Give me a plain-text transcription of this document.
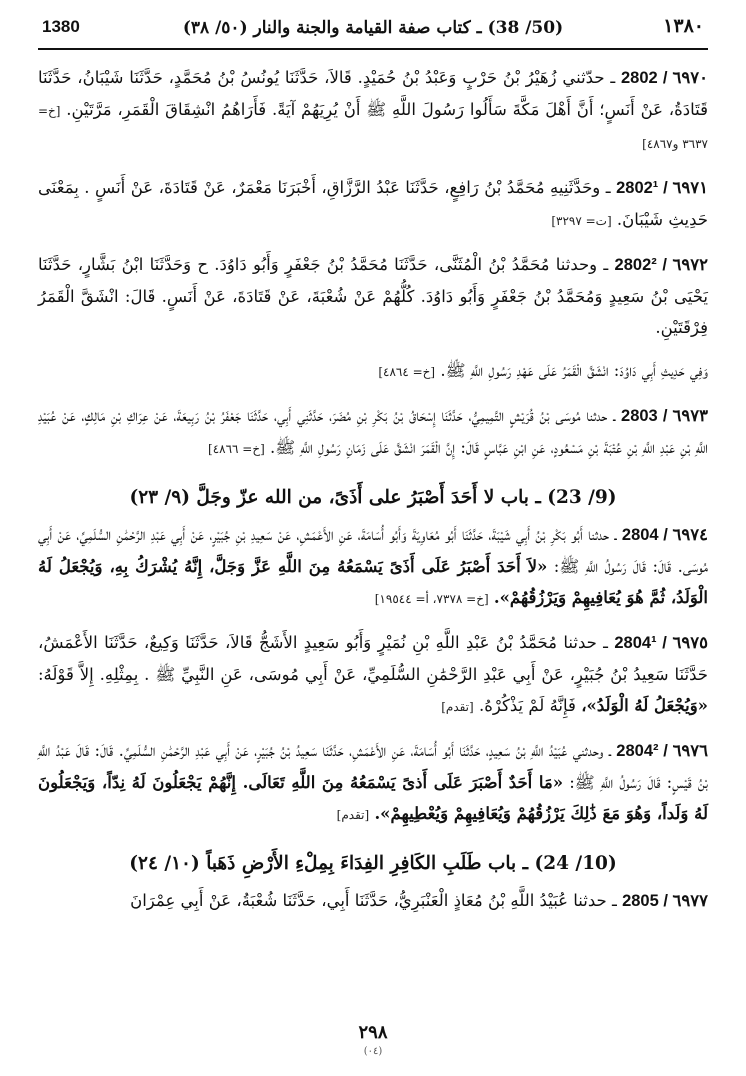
1380	(50/ 38) ـ كتاب صفة القيامة والجنة والنار (٥٠/ ٣٨)	١٣٨٠

٦٩٧٠ / 2802 ـ حدّثني زُهَيْرُ بْنُ حَرْبٍ وَعَبْدُ بْنُ حُمَيْدٍ. قَالاَ، حَدَّثَنَا يُونُسُ بْنُ مُحَمَّدٍ، حَدَّثَنَا شَيْبَانُ، حَدَّثَنَا قَتَادَةُ، عَنْ أَنَسٍ؛ أَنَّ أَهْلَ مَكَّةَ سَأَلُوا رَسُولَ اللَّهِ ﷺ أَنْ يُرِيَهُمْ آيَةً. فَأَرَاهُمُ انْشِقَاقَ الْقَمَرِ، مَرَّتَيْنِ. [خ= ٣٦٣٧ و٤٨٦٧]

٦٩٧١ / 2802¹ ـ وحَدَّثَنِيهِ مُحَمَّدُ بْنُ رَافِعٍ، حَدَّثَنَا عَبْدُ الرَّزَّاقِ، أَخْبَرَنَا مَعْمَرٌ، عَنْ قَتَادَةَ، عَنْ أَنَسٍ . بِمَعْنَى حَدِيثِ شَيْبَانَ. [ت= ٣٢٩٧]

٦٩٧٢ / 2802² ـ وحدثنا مُحَمَّدُ بْنُ الْمُثَنَّى، حَدَّثَنَا مُحَمَّدُ بْنُ جَعْفَرٍ وَأَبُو دَاوُدَ. ح وَحَدَّثَنَا ابْنُ بَشَّارٍ، حَدَّثَنَا يَحْيَى بْنُ سَعِيدٍ وَمُحَمَّدُ بْنُ جَعْفَرٍ وَأَبُو دَاوُدَ. كُلُّهُمْ عَنْ شُعْبَةَ، عَنْ قَتَادَةَ، عَنْ أَنَسٍ. قَالَ: انْشَقَّ الْقَمَرُ فِرْقَتَيْنِ.

وَفِي حَدِيثِ أَبِي دَاوُدَ: انْشَقَّ الْقَمَرُ عَلَى عَهْدِ رَسُولِ اللَّهِ ﷺ. [خ= ٤٨٦٤]

٦٩٧٣ / 2803 ـ حدثنا مُوسَى بْنُ قُرَيْشٍ التَّمِيمِيُّ، حَدَّثَنَا إِسْحَاقُ بْنُ بَكْرِ بْنِ مُضَرَ، حَدَّثَنِي أَبِي، حَدَّثَنَا جَعْفَرُ بْنُ رَبِيعَةَ، عَنْ عِرَاكِ بْنِ مَالِكٍ، عَنْ عُبَيْدِ اللَّهِ بْنِ عَبْدِ اللَّهِ بْنِ عُتْبَةَ بْنِ مَسْعُودٍ، عَنِ ابْنِ عَبَّاسٍ قَالَ: إِنَّ الْقَمَرَ انْشَقَّ عَلَى زَمَانِ رَسُولِ اللَّهِ ﷺ. [خ= ٤٨٦٦]

(9/ 23) ـ باب لا أَحَدَ أَصْبَرُ على أَذَىً، من الله عزّ وجَلَّ (٩/ ٢٣)

٦٩٧٤ / 2804 ـ حدثنا أَبُو بَكْرِ بْنُ أَبِي شَيْبَةَ، حَدَّثَنَا أَبُو مُعَاوِيَةَ وَأَبُو أُسَامَةَ، عَنِ الأَعْمَشِ، عَنْ سَعِيدِ بْنِ جُبَيْرٍ، عَنْ أَبِي عَبْدِ الرَّحْمَٰنِ السُّلَمِيِّ، عَنْ أَبِي مُوسَى. قَالَ: قَالَ رَسُولُ اللَّهِ ﷺ: «لاَ أَحَدَ أَصْبَرُ عَلَى أَذَىً يَسْمَعُهُ مِنَ اللَّهِ عَزَّ وَجَلَّ، إِنَّهُ يُشْرَكُ بِهِ، وَيُجْعَلُ لَهُ الْوَلَدُ، ثُمَّ هُوَ يُعَافِيهِمْ وَيَرْزُقُهُمْ». [خ= ٧٣٧٨، أ= ١٩٥٤٤]

٦٩٧٥ / 2804¹ ـ حدثنا مُحَمَّدُ بْنُ عَبْدِ اللَّهِ بْنِ نُمَيْرٍ وَأَبُو سَعِيدٍ الأَشَجُّ قَالاَ، حَدَّثَنَا وَكِيعٌ، حَدَّثَنَا الأَعْمَشُ، حَدَّثَنَا سَعِيدُ بْنُ جُبَيْرٍ، عَنْ أَبِي عَبْدِ الرَّحْمَٰنِ السُّلَمِيِّ، عَنْ أَبِي مُوسَى، عَنِ النَّبِيِّ ﷺ . بِمِثْلِهِ. إِلاَّ قَوْلَهُ: «وَيُجْعَلُ لَهُ الْوَلَدُ»، فَإِنَّهُ لَمْ يَذْكُرْهُ. [تقدم]

٦٩٧٦ / 2804² ـ وحدثني عُبَيْدُ اللَّهِ بْنُ سَعِيدٍ، حَدَّثَنَا أَبُو أُسَامَةَ، عَنِ الأَعْمَشِ، حَدَّثَنَا سَعِيدُ بْنُ جُبَيْرٍ، عَنْ أَبِي عَبْدِ الرَّحْمَٰنِ السُّلَمِيِّ. قَالَ: قَالَ عَبْدُ اللَّهِ بْنُ قَيْسٍ: قَالَ رَسُولُ اللَّهِ ﷺ: «مَا أَحَدٌ أَصْبَرَ عَلَى أَذىً يَسْمَعُهُ مِنَ اللَّهِ تَعَالَى. إِنَّهُمْ يَجْعَلُونَ لَهُ نِدّاً، وَيَجْعَلُونَ لَهُ وَلَداً، وَهُوَ مَعَ ذَٰلِكَ يَرْزُقُهُمْ وَيُعَافِيهِمْ وَيُعْطِيهِمْ». [تقدم]

(10/ 24) ـ باب طَلَبِ الكَافِرِ الفِدَاءَ بِمِلْءِ الأَرْضِ ذَهَباً (١٠/ ٢٤)

٦٩٧٧ / 2805 ـ حدثنا عُبَيْدُ اللَّهِ بْنُ مُعَاذٍ الْعَنْبَرِيُّ، حَدَّثَنَا أَبِي، حَدَّثَنَا شُعْبَةُ، عَنْ أَبِي عِمْرَانَ

٢٩٨
(٠٤)
